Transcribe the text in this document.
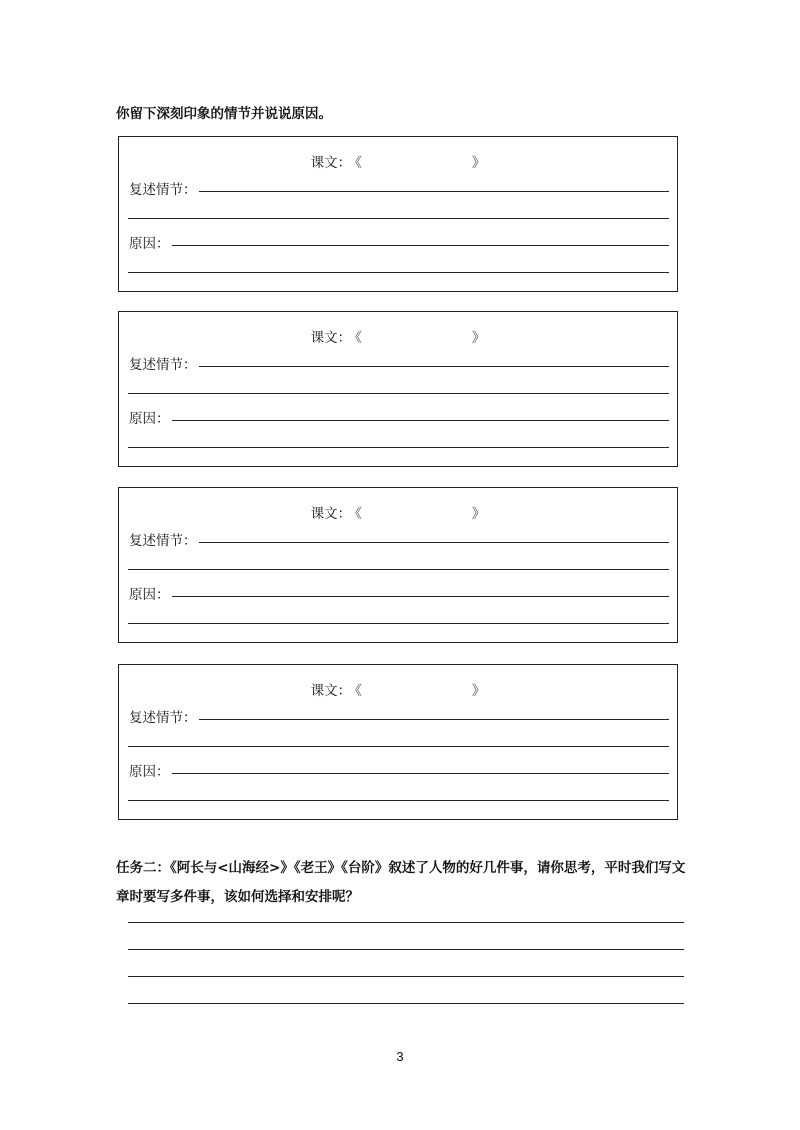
你留下深刻印象的情节并说说原因。

课文： 《	》
复述情节：
原因：
课文： 《	》
复述情节：
原因：
课文： 《	》
复述情节：
原因：
课文： 《	》
复述情节：
原因：

任务二：《阿长与<山海经>》《老王》《台阶》叙述了人物的好几件事，请你思考，平时我们写文章时要写多件事，该如何选择和安排呢？

3
